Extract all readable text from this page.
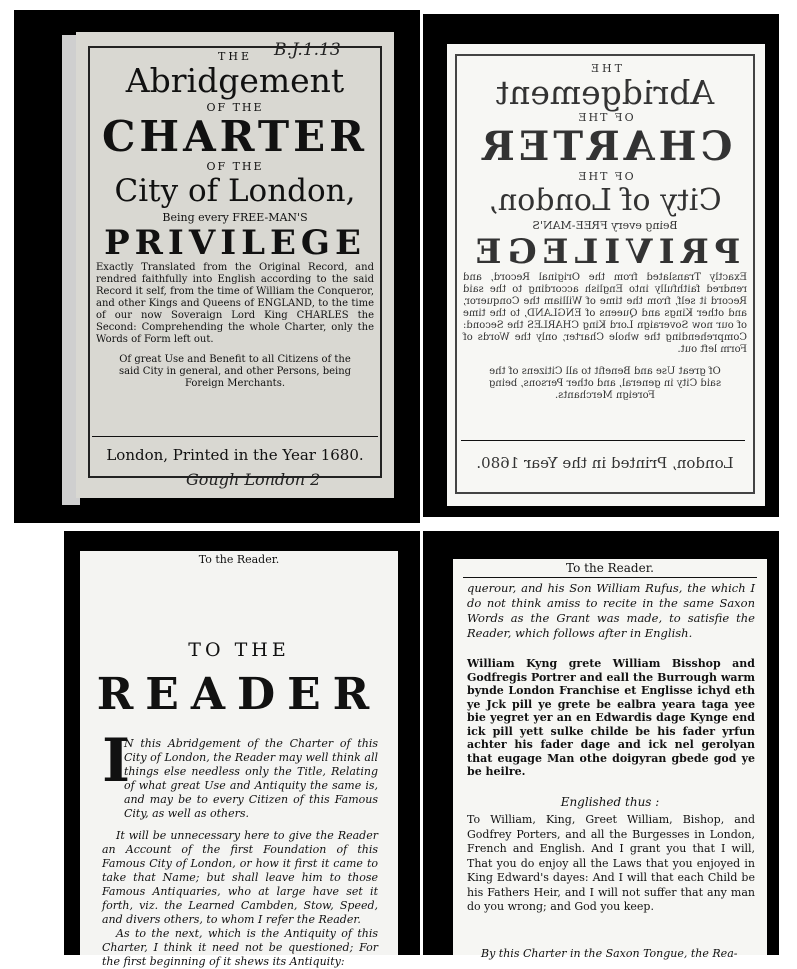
B.J.1.13
THE
Abridgement
OF THE
CHARTER
OF THE
City of London,
Being every FREE-MAN'S
PRIVILEGE
Exactly Translated from the Original Record, and rendred faithfully into English according to the said Record it self, from the time of William the Conqueror, and other Kings and Queens of ENGLAND, to the time of our now Soveraign Lord King CHARLES the Second: Comprehending the whole Charter, only the Words of Form left out.
Of great Use and Benefit to all Citizens of the said City in general, and other Persons, being Foreign Merchants.
London, Printed in the Year 1680.
Gough London 2
THE
Abridgement
OF THE
CHARTER
OF THE
City of London,
Being every FREE-MAN'S
PRIVILEGE
Exactly Translated from the Original Record, and rendred faithfully into English according to the said Record it self, from the time of William the Conqueror, and other Kings and Queens of ENGLAND, to the time of our now Soveraign Lord King CHARLES the Second: Comprehending the whole Charter, only the Words of Form left out.
Of great Use and Benefit to all Citizens of the said City in general, and other Persons, being Foreign Merchants.
London, Printed in the Year 1680.
To the Reader.
TO THE
READER
I
N this Abridgement of the Charter of this City of London, the Reader may well think all things else needless only the Title, Relating of what great Use and Antiquity the same is, and may be to every Citizen of this Famous City, as well as others.
It will be unnecessary here to give the Reader an Account of the first Foundation of this Famous City of London, or how it first it came to take that Name; but shall leave him to those Famous Antiquaries, who at large have set it forth, viz. the Learned Cambden, Stow, Speed, and divers others, to whom I refer the Reader.
As to the next, which is the Antiquity of this Charter, I think it need not be questioned; For the first beginning of it shews its Antiquity:
To the Reader.
querour, and his Son William Rufus, the which I do not think amiss to recite in the same Saxon Words as the Grant was made, to satisfie the Reader, which follows after in English.
William Kyng grete William Bisshop and Godfregis Portrer and eall the Burrough warm bynde London Franchise et Englisse ichyd eth ye Jck pill ye grete be ealbra yeara taga yee bie yegret yer an en Edwardis dage Kynge end ick pill yett sulke childe be his fader yrfun achter his fader dage and ick nel gerolyan that eugage Man othe doigyran gbede god ye be heilre.
Englished thus :
To William, King, Greet William, Bishop, and Godfrey Porters, and all the Burgesses in London, French and English. And I grant you that I will, That you do enjoy all the Laws that you enjoyed in King Edward's dayes: And I will that each Child be his Fathers Heir, and I will not suffer that any man do you wrong; and God you keep.
By this Charter in the Saxon Tongue, the Rea-
